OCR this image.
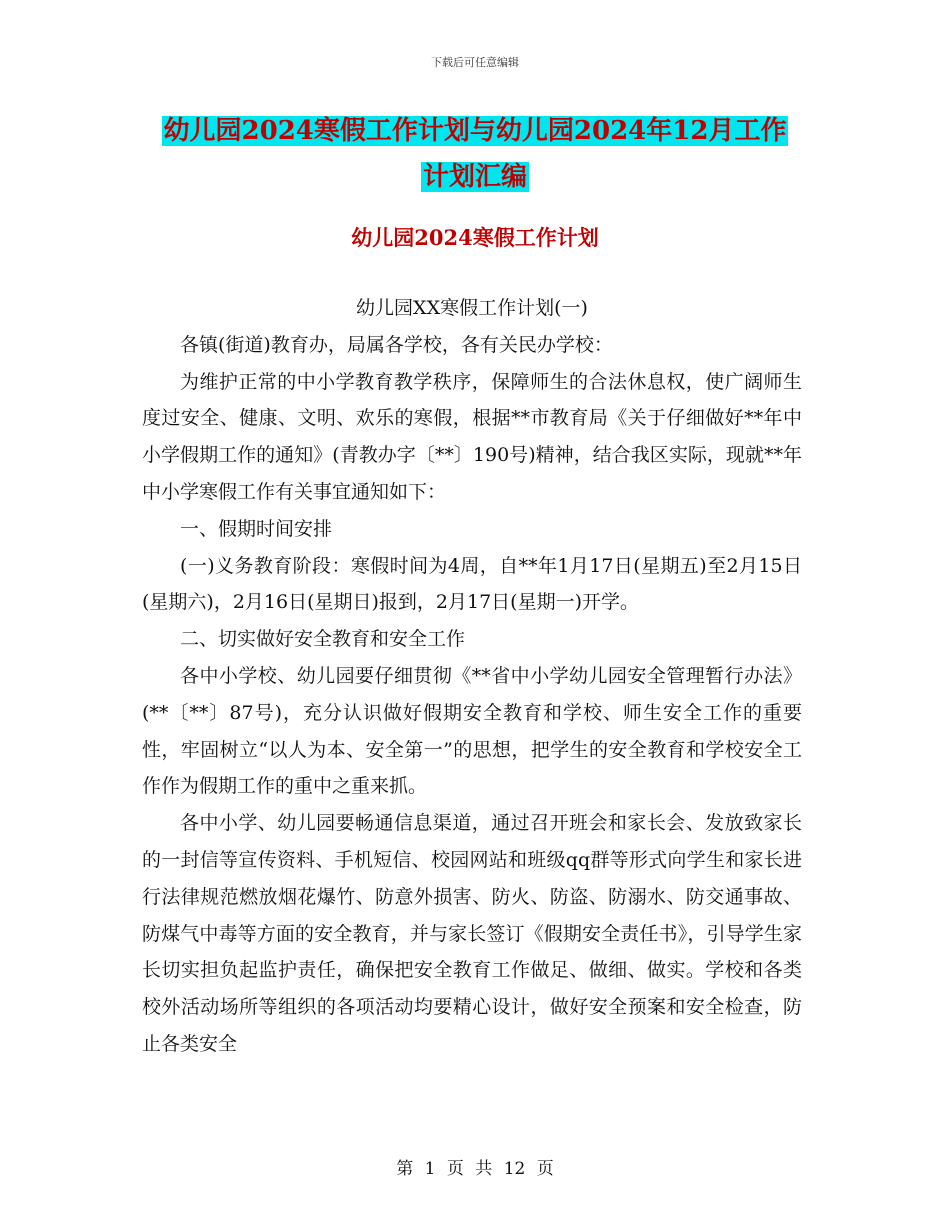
下载后可任意编辑
幼儿园2024寒假工作计划与幼儿园2024年12月工作
计划汇编
幼儿园2024寒假工作计划

幼儿园XX寒假工作计划(一)

各镇(街道)教育办，局属各学校，各有关民办学校：

为维护正常的中小学教育教学秩序，保障师生的合法休息权，使广阔师生度过安全、健康、文明、欢乐的寒假，根据**市教育局《关于仔细做好**年中小学假期工作的通知》(青教办字〔**〕190号)精神，结合我区实际，现就**年中小学寒假工作有关事宜通知如下：

一、假期时间安排

(一)义务教育阶段：寒假时间为4周，自**年1月17日(星期五)至2月15日(星期六)，2月16日(星期日)报到，2月17日(星期一)开学。

二、切实做好安全教育和安全工作

各中小学校、幼儿园要仔细贯彻《**省中小学幼儿园安全管理暂行办法》(**〔**〕87号)，充分认识做好假期安全教育和学校、师生安全工作的重要性，牢固树立“以人为本、安全第一”的思想，把学生的安全教育和学校安全工作作为假期工作的重中之重来抓。

各中小学、幼儿园要畅通信息渠道，通过召开班会和家长会、发放致家长的一封信等宣传资料、手机短信、校园网站和班级qq群等形式向学生和家长进行法律规范燃放烟花爆竹、防意外损害、防火、防盗、防溺水、防交通事故、防煤气中毒等方面的安全教育，并与家长签订《假期安全责任书》，引导学生家长切实担负起监护责任，确保把安全教育工作做足、做细、做实。学校和各类校外活动场所等组织的各项活动均要精心设计，做好安全预案和安全检查，防止各类安全

第 1 页 共 12 页
